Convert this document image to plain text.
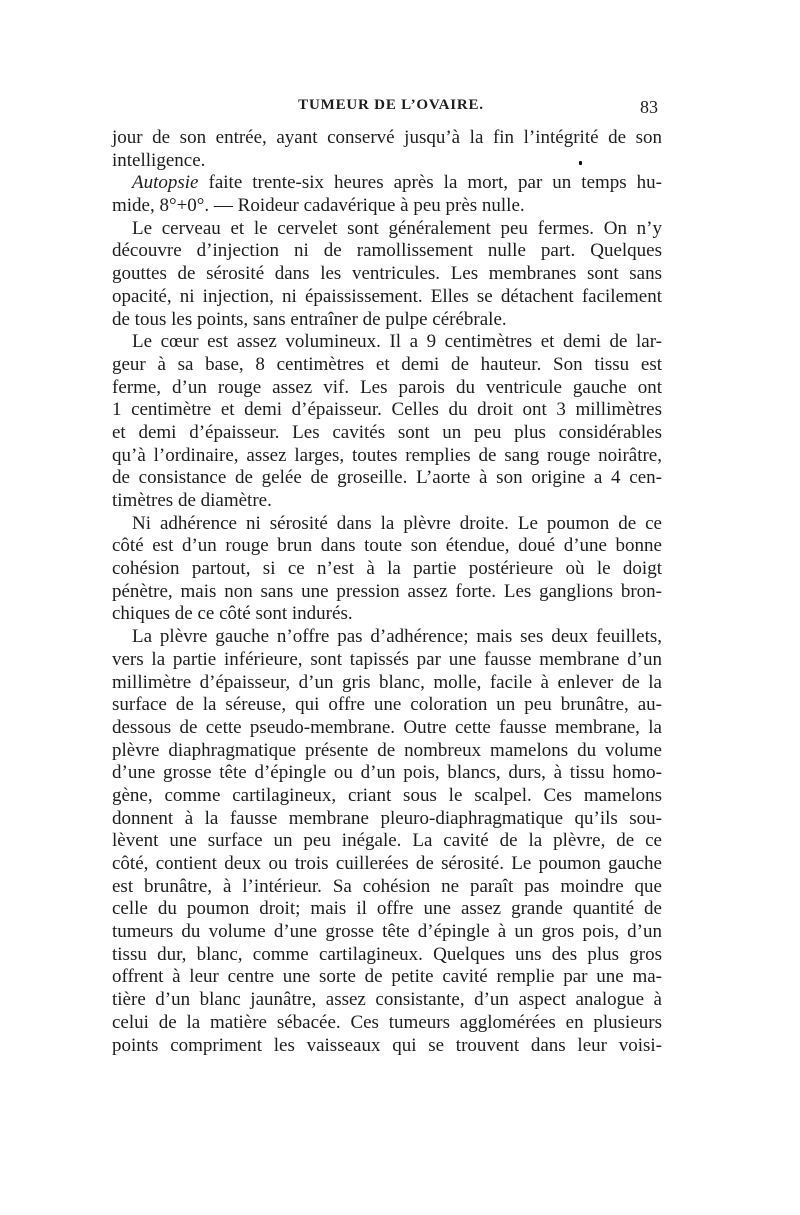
TUMEUR DE L’OVAIRE.	83
jour de son entrée, ayant conservé jusqu’à la fin l’intégrité de son
intelligence.
Autopsie faite trente-six heures après la mort, par un temps hu-
mide, 8°+0°. — Roideur cadavérique à peu près nulle.
Le cerveau et le cervelet sont généralement peu fermes. On n’y
découvre d’injection ni de ramollissement nulle part. Quelques
gouttes de sérosité dans les ventricules. Les membranes sont sans
opacité, ni injection, ni épaississement. Elles se détachent facilement
de tous les points, sans entraîner de pulpe cérébrale.
Le cœur est assez volumineux. Il a 9 centimètres et demi de lar-
geur à sa base, 8 centimètres et demi de hauteur. Son tissu est
ferme, d’un rouge assez vif. Les parois du ventricule gauche ont
1 centimètre et demi d’épaisseur. Celles du droit ont 3 millimètres
et demi d’épaisseur. Les cavités sont un peu plus considérables
qu’à l’ordinaire, assez larges, toutes remplies de sang rouge noirâtre,
de consistance de gelée de groseille. L’aorte à son origine a 4 cen-
timètres de diamètre.
Ni adhérence ni sérosité dans la plèvre droite. Le poumon de ce
côté est d’un rouge brun dans toute son étendue, doué d’une bonne
cohésion partout, si ce n’est à la partie postérieure où le doigt
pénètre, mais non sans une pression assez forte. Les ganglions bron-
chiques de ce côté sont indurés.
La plèvre gauche n’offre pas d’adhérence; mais ses deux feuillets,
vers la partie inférieure, sont tapissés par une fausse membrane d’un
millimètre d’épaisseur, d’un gris blanc, molle, facile à enlever de la
surface de la séreuse, qui offre une coloration un peu brunâtre, au-
dessous de cette pseudo-membrane. Outre cette fausse membrane, la
plèvre diaphragmatique présente de nombreux mamelons du volume
d’une grosse tête d’épingle ou d’un pois, blancs, durs, à tissu homo-
gène, comme cartilagineux, criant sous le scalpel. Ces mamelons
donnent à la fausse membrane pleuro-diaphragmatique qu’ils sou-
lèvent une surface un peu inégale. La cavité de la plèvre, de ce
côté, contient deux ou trois cuillerées de sérosité. Le poumon gauche
est brunâtre, à l’intérieur. Sa cohésion ne paraît pas moindre que
celle du poumon droit; mais il offre une assez grande quantité de
tumeurs du volume d’une grosse tête d’épingle à un gros pois, d’un
tissu dur, blanc, comme cartilagineux. Quelques uns des plus gros
offrent à leur centre une sorte de petite cavité remplie par une ma-
tière d’un blanc jaunâtre, assez consistante, d’un aspect analogue à
celui de la matière sébacée. Ces tumeurs agglomérées en plusieurs
points compriment les vaisseaux qui se trouvent dans leur voisi-
